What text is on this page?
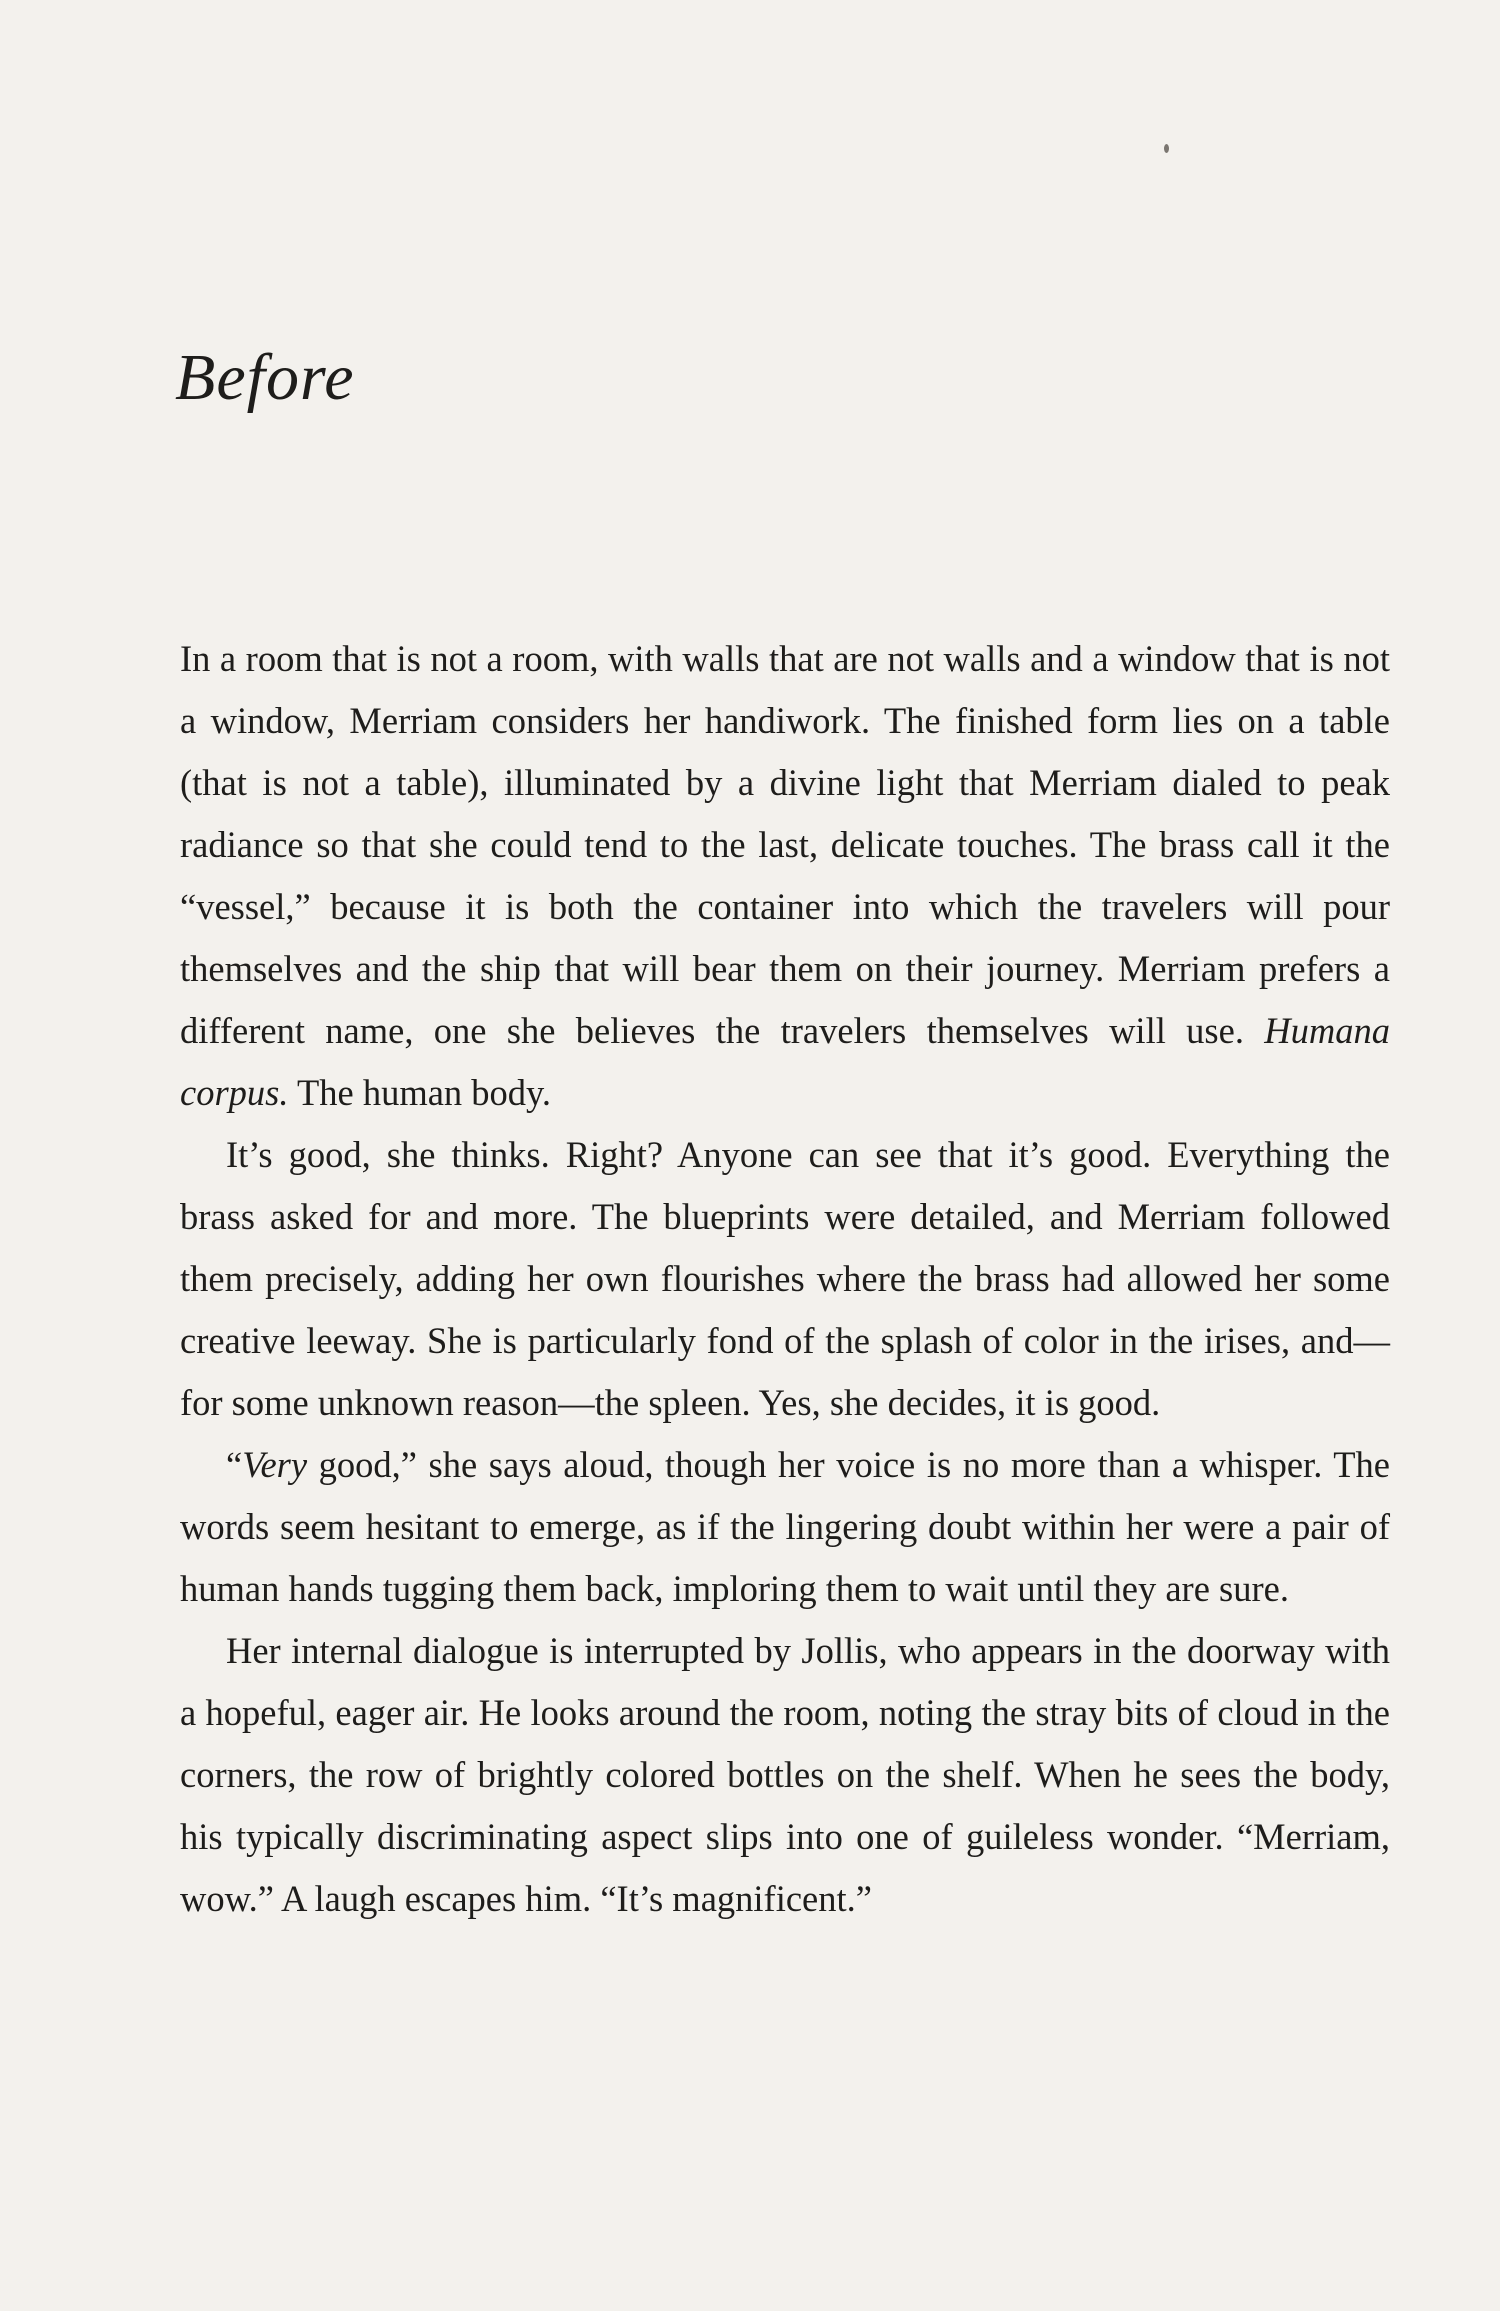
Before

In a room that is not a room, with walls that are not walls and a window that is not a window, Merriam considers her handiwork. The finished form lies on a table (that is not a table), illuminated by a divine light that Merriam dialed to peak radiance so that she could tend to the last, delicate touches. The brass call it the “vessel,” because it is both the container into which the travelers will pour themselves and the ship that will bear them on their journey. Merriam prefers a different name, one she believes the travelers themselves will use. Humana corpus. The human body.

It’s good, she thinks. Right? Anyone can see that it’s good. Everything the brass asked for and more. The blueprints were detailed, and Merriam followed them precisely, adding her own flourishes where the brass had allowed her some creative leeway. She is particularly fond of the splash of color in the irises, and—for some unknown reason—the spleen. Yes, she decides, it is good.

“Very good,” she says aloud, though her voice is no more than a whisper. The words seem hesitant to emerge, as if the lingering doubt within her were a pair of human hands tugging them back, imploring them to wait until they are sure.

Her internal dialogue is interrupted by Jollis, who appears in the doorway with a hopeful, eager air. He looks around the room, noting the stray bits of cloud in the corners, the row of brightly colored bottles on the shelf. When he sees the body, his typically discriminating aspect slips into one of guileless wonder. “Merriam, wow.” A laugh escapes him. “It’s magnificent.”
